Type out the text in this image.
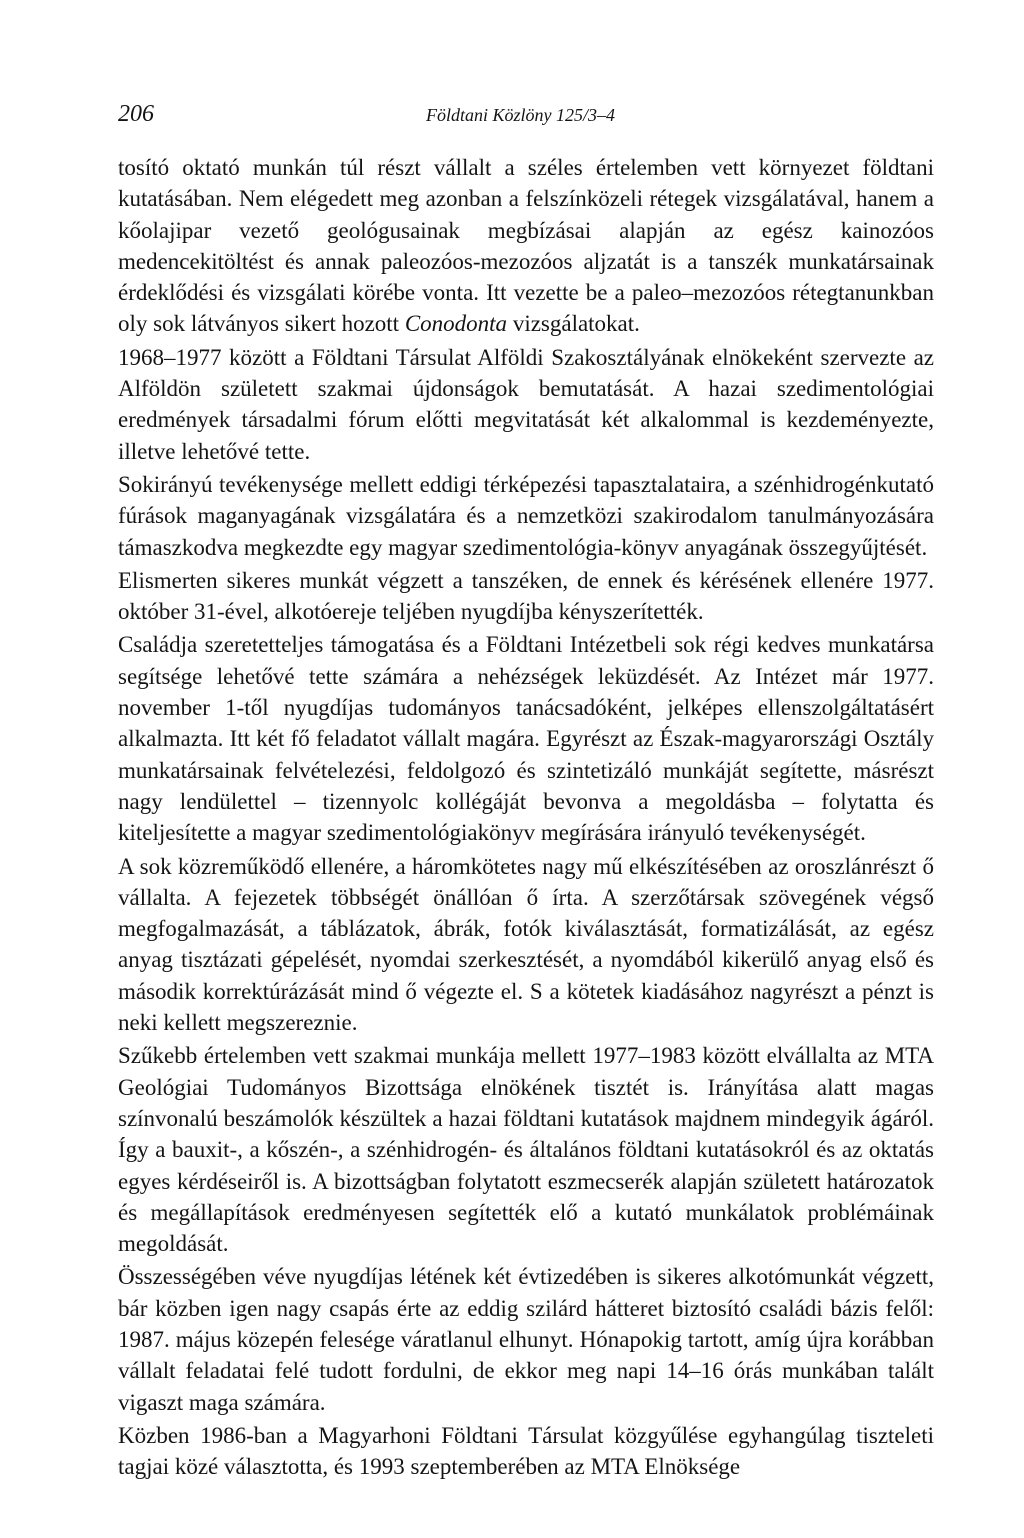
206	Földtani Közlöny 125/3–4

tosító oktató munkán túl részt vállalt a széles értelemben vett környezet földtani kutatásában. Nem elégedett meg azonban a felszínközeli rétegek vizsgálatával, hanem a kőolajipar vezető geológusainak megbízásai alapján az egész kainozóos medencekitöltést és annak paleozóos-mezozóos aljzatát is a tanszék munkatársainak érdeklődési és vizsgálati körébe vonta. Itt vezette be a paleo–mezozóos rétegtanunkban oly sok látványos sikert hozott Conodonta vizsgálatokat.

1968–1977 között a Földtani Társulat Alföldi Szakosztályának elnökeként szervezte az Alföldön született szakmai újdonságok bemutatását. A hazai szedimentológiai eredmények társadalmi fórum előtti megvitatását két alkalommal is kezdeményezte, illetve lehetővé tette.

Sokirányú tevékenysége mellett eddigi térképezési tapasztalataira, a szénhidrogénkutató fúrások maganyagának vizsgálatára és a nemzetközi szakirodalom tanulmányozására támaszkodva megkezdte egy magyar szedimentológia-könyv anyagának összegyűjtését.

Elismerten sikeres munkát végzett a tanszéken, de ennek és kérésének ellenére 1977. október 31-ével, alkotóereje teljében nyugdíjba kényszerítették.

Családja szeretetteljes támogatása és a Földtani Intézetbeli sok régi kedves munkatársa segítsége lehetővé tette számára a nehézségek leküzdését. Az Intézet már 1977. november 1-től nyugdíjas tudományos tanácsadóként, jelképes ellenszolgáltatásért alkalmazta. Itt két fő feladatot vállalt magára. Egyrészt az Észak-magyarországi Osztály munkatársainak felvételezési, feldolgozó és szintetizáló munkáját segítette, másrészt nagy lendülettel – tizennyolc kollégáját bevonva a megoldásba – folytatta és kiteljesítette a magyar szedimentológiakönyv megírására irányuló tevékenységét.

A sok közreműködő ellenére, a háromkötetes nagy mű elkészítésében az oroszlánrészt ő vállalta. A fejezetek többségét önállóan ő írta. A szerzőtársak szövegének végső megfogalmazását, a táblázatok, ábrák, fotók kiválasztását, formatizálását, az egész anyag tisztázati gépelését, nyomdai szerkesztését, a nyomdából kikerülő anyag első és második korrektúrázását mind ő végezte el. S a kötetek kiadásához nagyrészt a pénzt is neki kellett megszereznie.

Szűkebb értelemben vett szakmai munkája mellett 1977–1983 között elvállalta az MTA Geológiai Tudományos Bizottsága elnökének tisztét is. Irányítása alatt magas színvonalú beszámolók készültek a hazai földtani kutatások majdnem mindegyik ágáról. Így a bauxit-, a kőszén-, a szénhidrogén- és általános földtani kutatásokról és az oktatás egyes kérdéseiről is. A bizottságban folytatott eszmecserék alapján született határozatok és megállapítások eredményesen segítették elő a kutató munkálatok problémáinak megoldását.

Összességében véve nyugdíjas létének két évtizedében is sikeres alkotómunkát végzett, bár közben igen nagy csapás érte az eddig szilárd hátteret biztosító családi bázis felől: 1987. május közepén felesége váratlanul elhunyt. Hónapokig tartott, amíg újra korábban vállalt feladatai felé tudott fordulni, de ekkor meg napi 14–16 órás munkában talált vigaszt maga számára.

Közben 1986-ban a Magyarhoni Földtani Társulat közgyűlése egyhangúlag tiszteleti tagjai közé választotta, és 1993 szeptemberében az MTA Elnöksége
